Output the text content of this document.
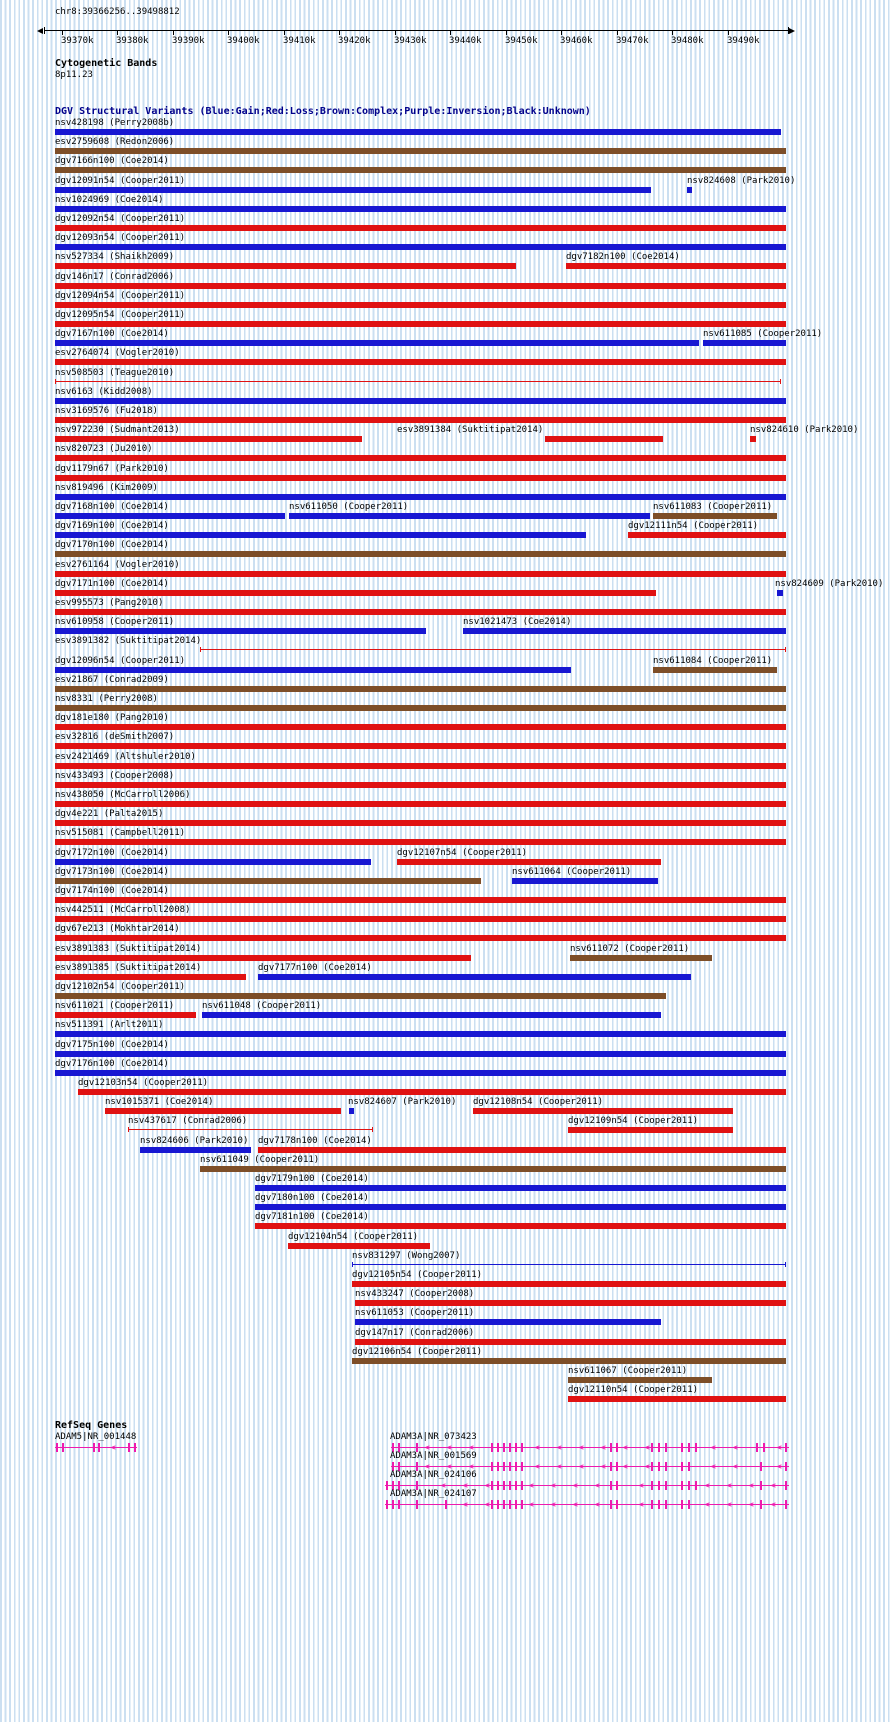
chr8:39366256..39498812
39370k 39380k	39390k 39400k	39410k 39420k	39430k 39440k	39450k 39460k	39470k 39480k	39490k
Cytogenetic Bands
8p11.23
DGV Structural Variants (Blue:Gain;Red:Loss;Brown:Complex;Purple:Inversion;Black:Unknown)
nsv428198 (Perry2008b)
esv2759608 (Redon2006)
dgv7166n100 (Coe2014)
dgv12091n54 (Cooper2011)	nsv824608 (Park2010)
nsv1024969 (Coe2014)
dgv12092n54 (Cooper2011)
dgv12093n54 (Cooper2011)
nsv527334 (Shaikh2009)	dgv7182n100 (Coe2014)
dgv146n17 (Conrad2006)
dgv12094n54 (Cooper2011)
dgv12095n54 (Cooper2011)
dgv7167n100 (Coe2014)	nsv611085 (Cooper2011)
esv2764074 (Vogler2010)
nsv508503 (Teague2010)
nsv6163 (Kidd2008)
nsv3169576 (Fu2018)
nsv972230 (Sudmant2013)	esv3891384 (Suktitipat2014)	nsv824610 (Park2010)
nsv820723 (Ju2010)
dgv1179n67 (Park2010)
nsv819496 (Kim2009)
dgv7168n100 (Coe2014)	nsv611050 (Cooper2011)	nsv611083 (Cooper2011)
dgv7169n100 (Coe2014)	dgv12111n54 (Cooper2011)
dgv7170n100 (Coe2014)
esv2761164 (Vogler2010)
dgv7171n100 (Coe2014)	nsv824609 (Park2010)
esv995573 (Pang2010)
nsv610958 (Cooper2011)	nsv1021473 (Coe2014)
esv3891382 (Suktitipat2014)
dgv12096n54 (Cooper2011)	nsv611084 (Cooper2011)
esv21867 (Conrad2009)
nsv8331 (Perry2008)
dgv181e180 (Pang2010)
esv32816 (deSmith2007)
esv2421469 (Altshuler2010)
nsv433493 (Cooper2008)
nsv438050 (McCarroll2006)
dgv4e221 (Palta2015)
nsv515081 (Campbell2011)
dgv7172n100 (Coe2014)	dgv12107n54 (Cooper2011)
dgv7173n100 (Coe2014)	nsv611064 (Cooper2011)
dgv7174n100 (Coe2014)
nsv442511 (McCarroll2008)
dgv67e213 (Mokhtar2014)
esv3891383 (Suktitipat2014)	nsv611072 (Cooper2011)
esv3891385 (Suktitipat2014)	dgv7177n100 (Coe2014)
dgv12102n54 (Cooper2011)
nsv611021 (Cooper2011)	nsv611048 (Cooper2011)
nsv511391 (Arlt2011)
dgv7175n100 (Coe2014)
dgv7176n100 (Coe2014)
dgv12103n54 (Cooper2011)
nsv1015371 (Coe2014)	nsv824607 (Park2010) dgv12108n54 (Cooper2011)
nsv437617 (Conrad2006)	dgv12109n54 (Cooper2011)
nsv824606 (Park2010) dgv7178n100 (Coe2014)
nsv611049 (Cooper2011)
dgv7179n100 (Coe2014)
dgv7180n100 (Coe2014)
dgv7181n100 (Coe2014)
dgv12104n54 (Cooper2011)
nsv831297 (Wong2007)
dgv12105n54 (Cooper2011)
nsv433247 (Cooper2008)
nsv611053 (Cooper2011)
dgv147n17 (Conrad2006)
dgv12106n54 (Cooper2011)
nsv611067 (Cooper2011)
dgv12110n54 (Cooper2011)
RefSeq Genes
ADAM5|NR_001448
<
ADAM3A|NR_073423
< < <	< < < < < <	< <	<
ADAM3A|NR_001569
< < <	< < < < < <	< <	<
ADAM3A|NR_024106
< < <	< < < <	<	< < < <
ADAM3A|NR_024107
< <	< < < <	<	< < < <
